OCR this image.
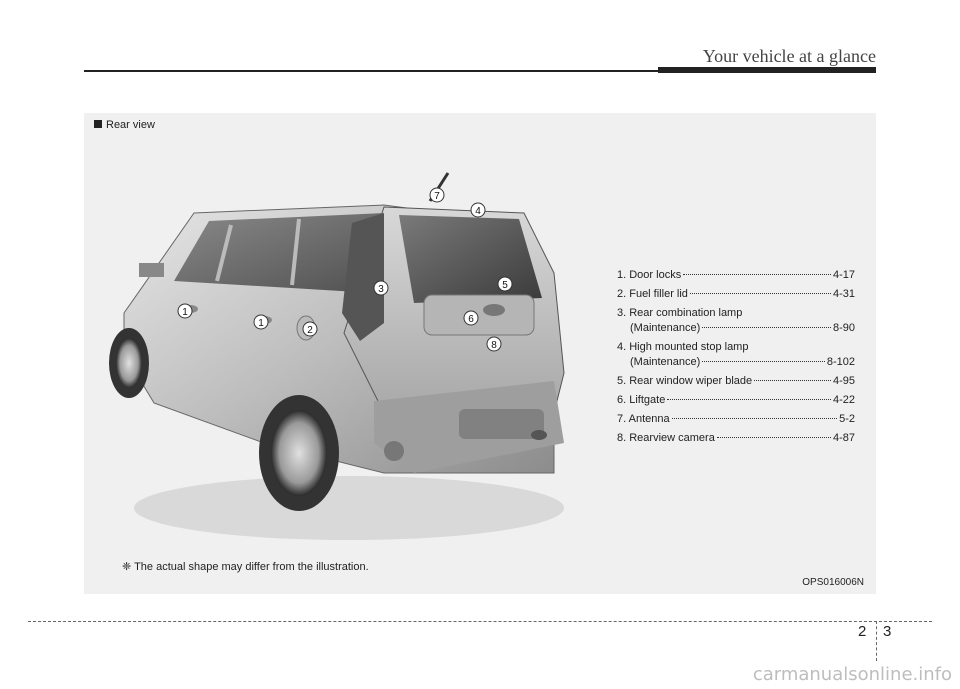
Your vehicle at a glance
Rear view
1
1
2
3
4
5
6
7
8
1. Door locks	4-17
2. Fuel filler lid	4-31
3. Rear combination lamp
(Maintenance)	8-90
4. High mounted stop lamp
(Maintenance)	8-102
5. Rear window wiper blade	4-95
6. Liftgate	4-22
7. Antenna	5-2
8. Rearview camera	4-87
❈ The actual shape may differ from the illustration.
OPS016006N
2 3
carmanualsonline.info
